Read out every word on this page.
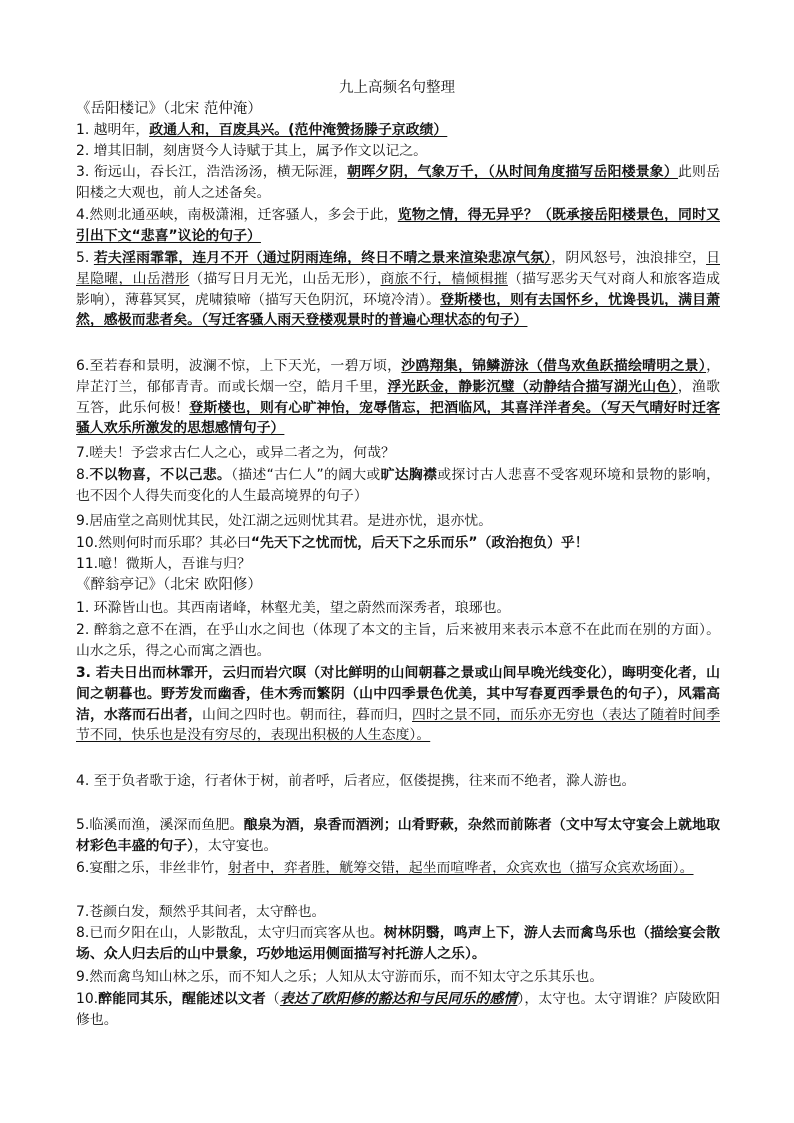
九上高频名句整理
《岳阳楼记》（北宋 范仲淹）
1. 越明年，政通人和，百废具兴。(范仲淹赞扬滕子京政绩）
2. 增其旧制，刻唐贤今人诗赋于其上，属予作文以记之。
3. 衔远山，吞长江，浩浩汤汤，横无际涯，朝晖夕阴，气象万千，（从时间角度描写岳阳楼景象）此则岳阳楼之大观也，前人之述备矣。
4.然则北通巫峡，南极潇湘，迁客骚人，多会于此，览物之情，得无异乎？（既承接岳阳楼景色，同时又引出下文“悲喜”议论的句子）
5. 若夫淫雨霏霏，连月不开（通过阴雨连绵，终日不晴之景来渲染悲凉气氛），阴风怒号，浊浪排空，日星隐曜，山岳潜形（描写日月无光，山岳无形），商旅不行，樯倾楫摧（描写恶劣天气对商人和旅客造成影响），薄暮冥冥，虎啸猿啼（描写天色阴沉，环境冷清）。登斯楼也，则有去国怀乡，忧谗畏讥，满目萧然，感极而悲者矣。（写迁客骚人雨天登楼观景时的普遍心理状态的句子）
6.至若春和景明，波澜不惊，上下天光，一碧万顷，沙鸥翔集，锦鳞游泳（借鸟欢鱼跃描绘晴明之景），岸芷汀兰，郁郁青青。而或长烟一空，皓月千里，浮光跃金，静影沉璧（动静结合描写湖光山色），渔歌互答，此乐何极！登斯楼也，则有心旷神怡，宠辱偕忘，把酒临风，其喜洋洋者矣。（写天气晴好时迁客骚人欢乐所激发的思想感情句子）
7.嗟夫！予尝求古仁人之心，或异二者之为，何哉？
8.不以物喜，不以己悲。（描述“古仁人”的阔大或旷达胸襟或探讨古人悲喜不受客观环境和景物的影响，也不因个人得失而变化的人生最高境界的句子）
9.居庙堂之高则忧其民，处江湖之远则忧其君。是进亦忧，退亦忧。
10.然则何时而乐耶？其必曰“先天下之忧而忧，后天下之乐而乐”（政治抱负）乎！
11.噫！微斯人，吾谁与归？
《醉翁亭记》（北宋 欧阳修）
1. 环滁皆山也。其西南诸峰，林壑尤美，望之蔚然而深秀者，琅琊也。
2. 醉翁之意不在酒，在乎山水之间也（体现了本文的主旨，后来被用来表示本意不在此而在别的方面）。山水之乐，得之心而寓之酒也。
3. 若夫日出而林霏开，云归而岩穴暝（对比鲜明的山间朝暮之景或山间早晚光线变化），晦明变化者，山间之朝暮也。野芳发而幽香，佳木秀而繁阴（山中四季景色优美，其中写春夏西季景色的句子），风霜高洁，水落而石出者，山间之四时也。朝而往，暮而归，四时之景不同，而乐亦无穷也（表达了随着时间季节不同，快乐也是没有穷尽的，表现出积极的人生态度）。
4. 至于负者歌于途，行者休于树，前者呼，后者应，伛偻提携，往来而不绝者，滁人游也。
5.临溪而渔，溪深而鱼肥。酿泉为酒，泉香而酒洌；山肴野蔌，杂然而前陈者（文中写太守宴会上就地取材彩色丰盛的句子），太守宴也。
6.宴酣之乐，非丝非竹，射者中，弈者胜，觥筹交错，起坐而喧哗者，众宾欢也（描写众宾欢场面）。
7.苍颜白发，颓然乎其间者，太守醉也。
8.已而夕阳在山，人影散乱，太守归而宾客从也。树林阴翳，鸣声上下，游人去而禽鸟乐也（描绘宴会散场、众人归去后的山中景象，巧妙地运用侧面描写衬托游人之乐）。
9.然而禽鸟知山林之乐，而不知人之乐；人知从太守游而乐，而不知太守之乐其乐也。
10.醉能同其乐，醒能述以文者（表达了欧阳修的豁达和与民同乐的感情），太守也。太守谓谁？庐陵欧阳修也。
